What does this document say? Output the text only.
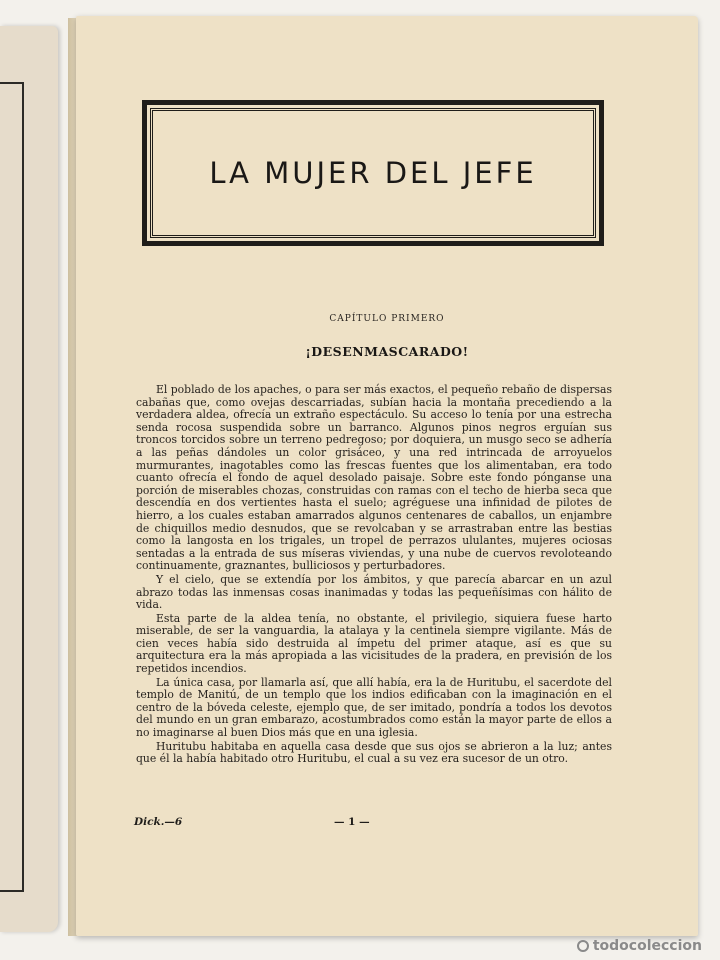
LA MUJER DEL JEFE
CAPÍTULO PRIMERO
¡DESENMASCARADO!

El poblado de los apaches, o para ser más exactos, el pequeño rebaño de dispersas cabañas que, como ovejas descarriadas, subían hacia la montaña precediendo a la verdadera aldea, ofrecía un extraño espectáculo. Su acceso lo tenía por una estrecha senda rocosa suspendida sobre un barranco. Algunos pinos negros erguían sus troncos torcidos sobre un terreno pedregoso; por doquiera, un musgo seco se adhería a las peñas dándoles un color grisáceo, y una red intrincada de arroyuelos murmurantes, inagotables como las frescas fuentes que los alimentaban, era todo cuanto ofrecía el fondo de aquel desolado paisaje. Sobre este fondo pónganse una porción de miserables chozas, construidas con ramas con el techo de hierba seca que descendía en dos vertientes hasta el suelo; agréguese una infinidad de pilotes de hierro, a los cuales estaban amarrados algunos centenares de caballos, un enjambre de chiquillos medio desnudos, que se revolcaban y se arrastraban entre las bestias como la langosta en los trigales, un tropel de perrazos ululantes, mujeres ociosas sentadas a la entrada de sus míseras viviendas, y una nube de cuervos revoloteando continuamente, graznantes, bulliciosos y perturbadores.

Y el cielo, que se extendía por los ámbitos, y que parecía abarcar en un azul abrazo todas las inmensas cosas inanimadas y todas las pequeñísimas con hálito de vida.

Esta parte de la aldea tenía, no obstante, el privilegio, siquiera fuese harto miserable, de ser la vanguardia, la atalaya y la centinela siempre vigilante. Más de cien veces había sido destruida al ímpetu del primer ataque, así es que su arquitectura era la más apropiada a las vicisitudes de la pradera, en previsión de los repetidos incendios.

La única casa, por llamarla así, que allí había, era la de Huritubu, el sacerdote del templo de Manitú, de un templo que los indios edificaban con la imaginación en el centro de la bóveda celeste, ejemplo que, de ser imitado, pondría a todos los devotos del mundo en un gran embarazo, acostumbrados como están la mayor parte de ellos a no imaginarse al buen Dios más que en una iglesia.

Huritubu habitaba en aquella casa desde que sus ojos se abrieron a la luz; antes que él la había habitado otro Huritubu, el cual a su vez era sucesor de un otro.

Dick.—6	— 1 —
todocoleccion
